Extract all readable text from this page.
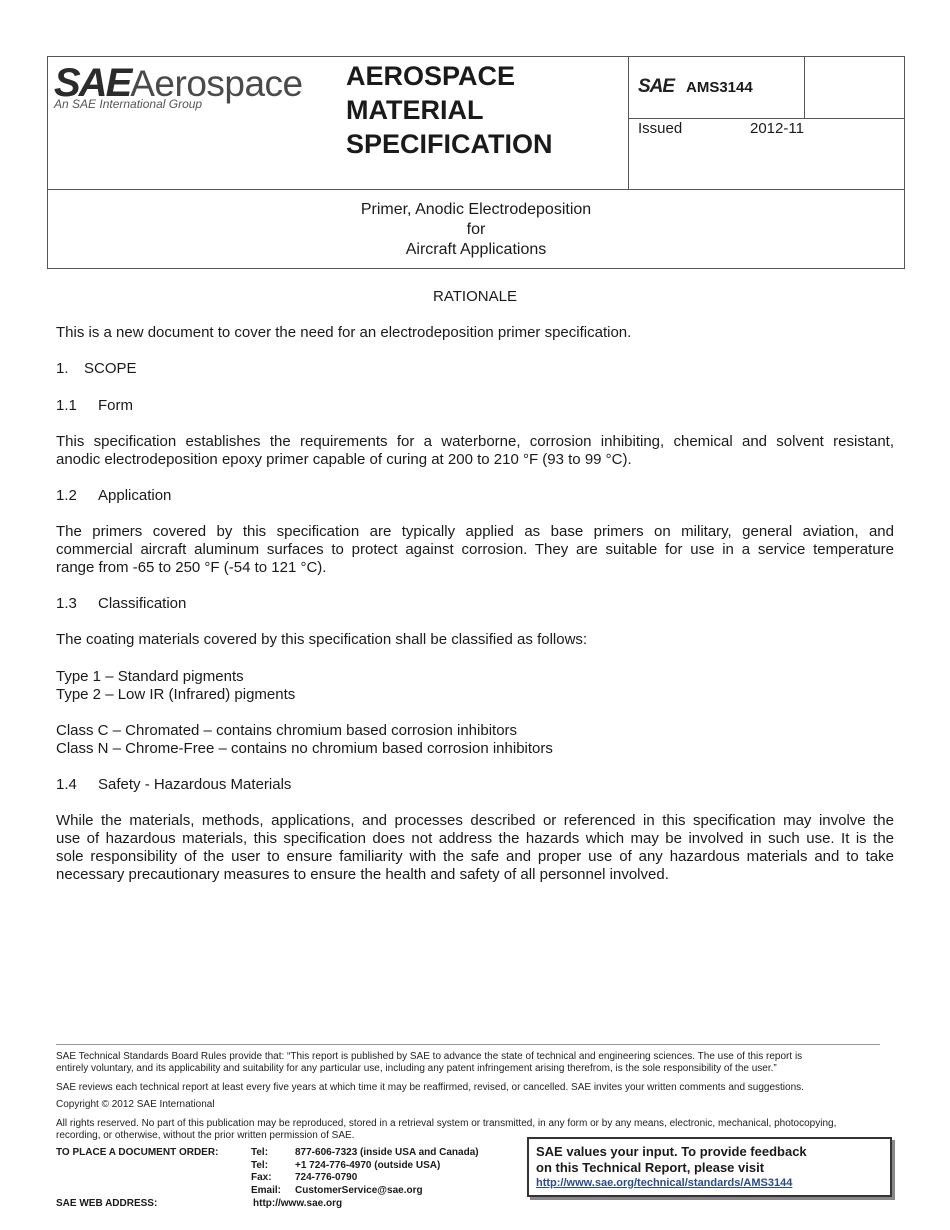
SAEAerospace
An SAE International Group
AEROSPACE
MATERIAL
SPECIFICATION
SAE AMS3144
Issued	2012-11
Primer, Anodic Electrodeposition
for
Aircraft Applications
RATIONALE
This is a new document to cover the need for an electrodeposition primer specification.
1. SCOPE
1.1 Form
This specification establishes the requirements for a waterborne, corrosion inhibiting, chemical and solvent resistant,
anodic electrodeposition epoxy primer capable of curing at 200 to 210 °F (93 to 99 °C).
1.2 Application
The primers covered by this specification are typically applied as base primers on military, general aviation, and
commercial aircraft aluminum surfaces to protect against corrosion. They are suitable for use in a service temperature
range from -65 to 250 °F (-54 to 121 °C).
1.3 Classification
The coating materials covered by this specification shall be classified as follows:
Type 1 – Standard pigments
Type 2 – Low IR (Infrared) pigments
Class C – Chromated – contains chromium based corrosion inhibitors
Class N – Chrome-Free – contains no chromium based corrosion inhibitors
1.4 Safety - Hazardous Materials
While the materials, methods, applications, and processes described or referenced in this specification may involve the
use of hazardous materials, this specification does not address the hazards which may be involved in such use. It is the
sole responsibility of the user to ensure familiarity with the safe and proper use of any hazardous materials and to take
necessary precautionary measures to ensure the health and safety of all personnel involved.
SAE Technical Standards Board Rules provide that: “This report is published by SAE to advance the state of technical and engineering sciences. The use of this report is
entirely voluntary, and its applicability and suitability for any particular use, including any patent infringement arising therefrom, is the sole responsibility of the user.”
SAE reviews each technical report at least every five years at which time it may be reaffirmed, revised, or cancelled. SAE invites your written comments and suggestions.
Copyright © 2012 SAE International
All rights reserved. No part of this publication may be reproduced, stored in a retrieval system or transmitted, in any form or by any means, electronic, mechanical, photocopying,
recording, or otherwise, without the prior written permission of SAE.
TO PLACE A DOCUMENT ORDER:	Tel:	877-606-7323 (inside USA and Canada)
Tel:	+1 724-776-4970 (outside USA)
Fax:	724-776-0790
Email:	CustomerService@sae.org
SAE WEB ADDRESS:	http://www.sae.org
SAE values your input. To provide feedback
on this Technical Report, please visit
http://www.sae.org/technical/standards/AMS3144
